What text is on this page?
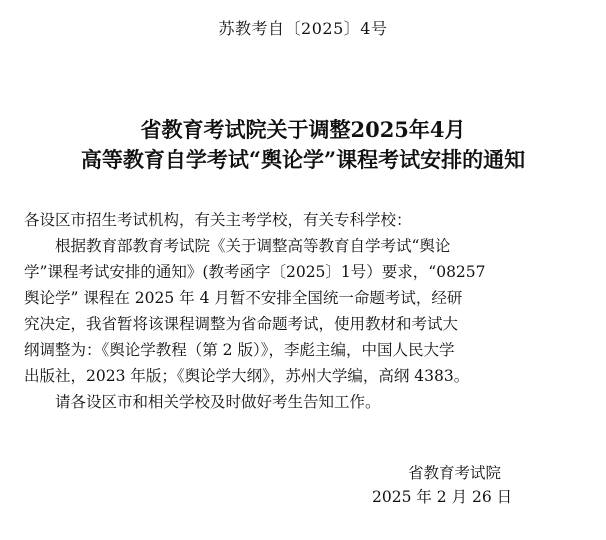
苏教考自〔2025〕4号
省教育考试院关于调整2025年4月
高等教育自学考试“舆论学”课程考试安排的通知
各设区市招生考试机构，有关主考学校，有关专科学校：
根据教育部教育考试院《关于调整高等教育自学考试“舆论
学”课程考试安排的通知》(教考函字〔2025〕1号）要求，“08257
舆论学” 课程在 2025 年 4 月暂不安排全国统一命题考试，经研
究决定，我省暂将该课程调整为省命题考试，使用教材和考试大
纲调整为：《舆论学教程（第 2 版）》，李彪主编，中国人民大学
出版社，2023 年版；《舆论学大纲》，苏州大学编，高纲 4383。
请各设区市和相关学校及时做好考生告知工作。
省教育考试院
2025 年 2 月 26 日
